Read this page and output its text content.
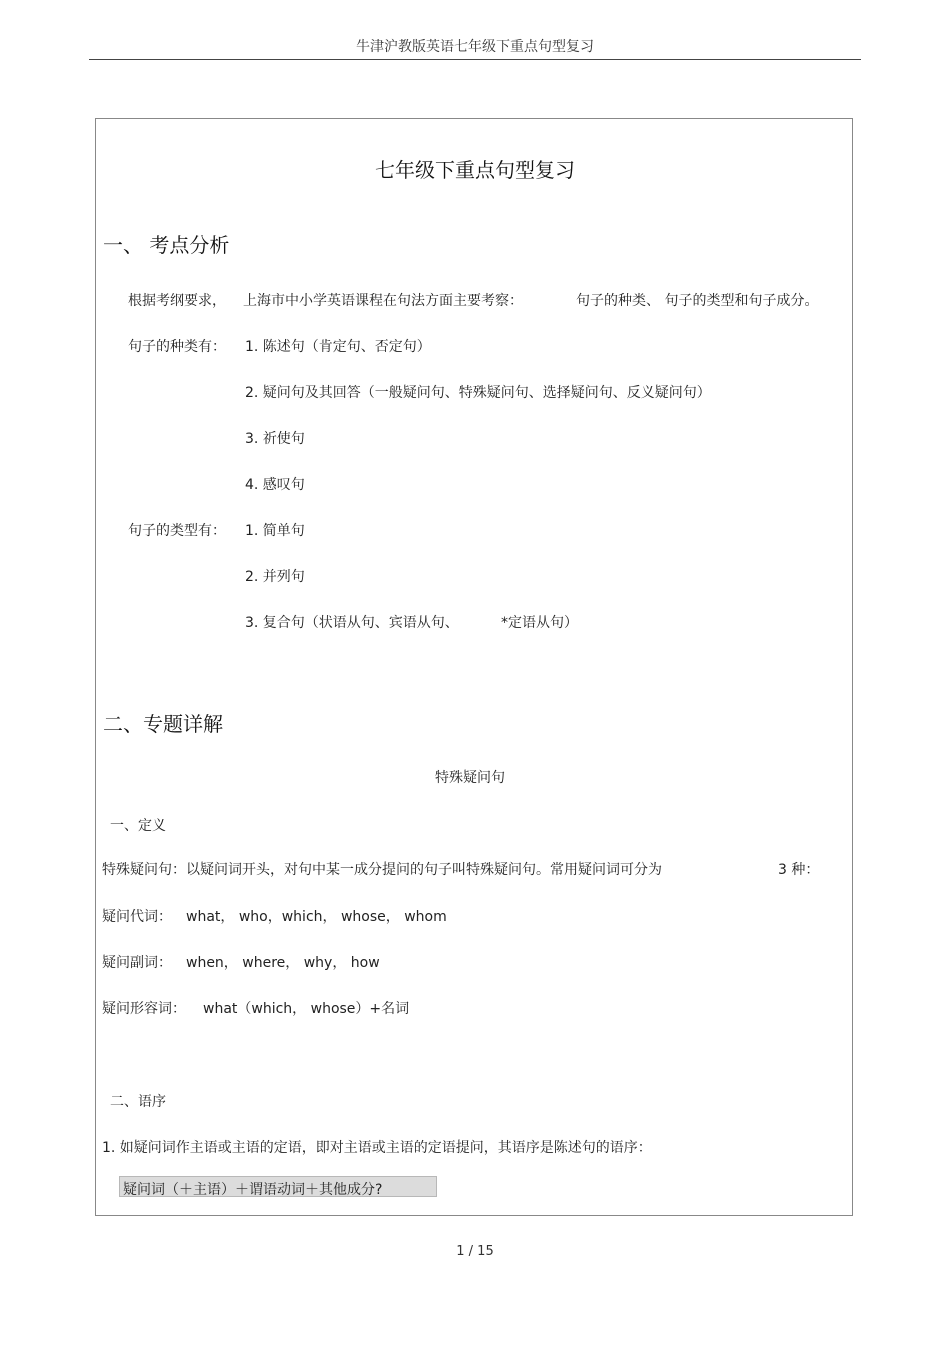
牛津沪教版英语七年级下重点句型复习
七年级下重点句型复习
一、 考点分析
根据考纲要求， 上海市中小学英语课程在句法方面主要考察：	句子的种类、 句子的类型和句子成分。
句子的种类有： 1. 陈述句（肯定句、否定句）
2. 疑问句及其回答（一般疑问句、特殊疑问句、选择疑问句、反义疑问句）
3. 祈使句
4. 感叹句
句子的类型有： 1. 简单句
2. 并列句
3. 复合句（状语从句、宾语从句、	*定语从句）
二、专题详解
特殊疑问句
一、定义
特殊疑问句：以疑问词开头，对句中某一成分提问的句子叫特殊疑问句。常用疑问词可分为	3 种：
疑问代词： what， who，which， whose， whom
疑问副词： when， where， why， how
疑问形容词： what（which， whose）+名词
二、语序
1. 如疑问词作主语或主语的定语，即对主语或主语的定语提问，其语序是陈述句的语序：
疑问词（＋主语）＋谓语动词＋其他成分?
1 / 15
